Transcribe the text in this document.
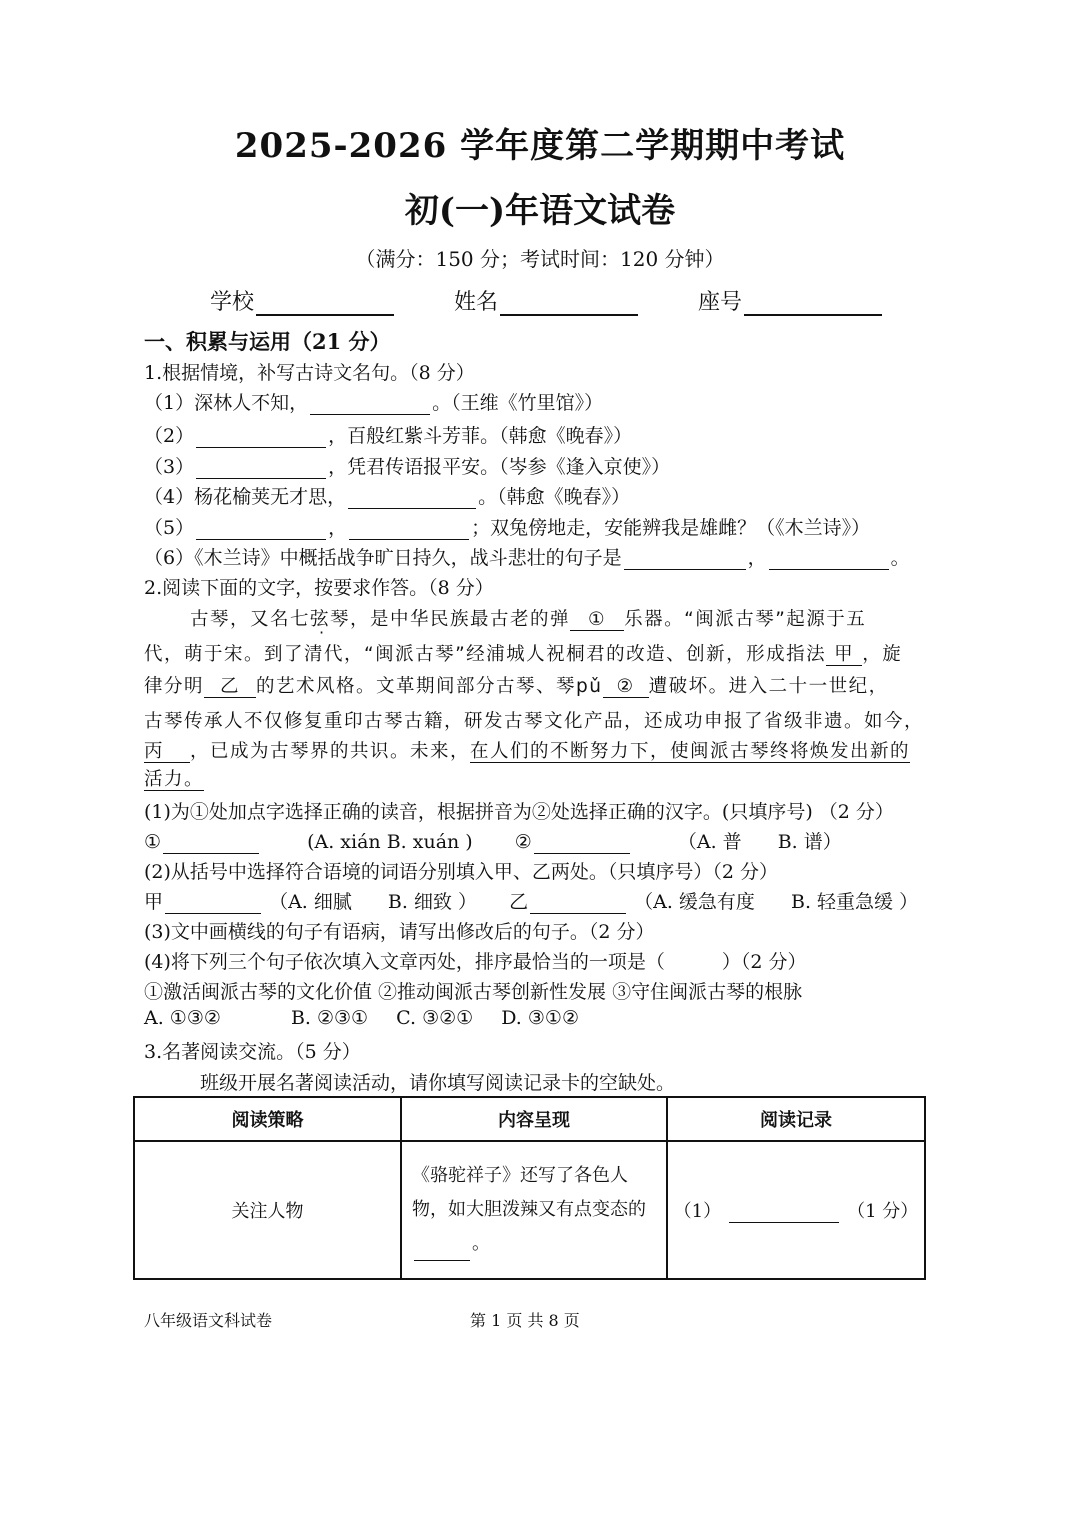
2025-2026 学年度第二学期期中考试
初(一)年语文试卷
（满分：150 分；考试时间：120 分钟）
学校	姓名	座号
一、积累与运用（21 分）
1.根据情境，补写古诗文名句。（8 分）
（1）深林人不知，	。（王维《竹里馆》）
（2）	，百般红紫斗芳菲。（韩愈《晚春》）
（3）	，凭君传语报平安。（岑参《逢入京使》）
（4）杨花榆荚无才思，	。（韩愈《晚春》）
（5）	，	；双兔傍地走，安能辨我是雄雌？（《木兰诗》）
（6）《木兰诗》中概括战争旷日持久，战斗悲壮的句子是	，	。
2.阅读下面的文字，按要求作答。（8 分）
古琴，又名七弦琴，是中华民族最古老的弹 ① 乐器。“闽派古琴”起源于五
代，萌于宋。到了清代，“闽派古琴”经浦城人祝桐君的改造、创新，形成指法 甲 ，旋
律分明 乙 的艺术风格。文革期间部分古琴、琴pǔ ② 遭破坏。进入二十一世纪，
古琴传承人不仅修复重印古琴古籍，研发古琴文化产品，还成功申报了省级非遗。如今，
丙 ，已成为古琴界的共识。未来，在人们的不断努力下，使闽派古琴终将焕发出新的
活力。
(1)为①处加点字选择正确的读音，根据拼音为②处选择正确的汉字。(只填序号) （2 分）
①	(A. xián B. xuán ) ②	（A. 普 B. 谱）
(2)从括号中选择符合语境的词语分别填入甲、乙两处。（只填序号）（2 分）
甲	（A. 细腻 B. 细致 ） 乙	（A. 缓急有度 B. 轻重急缓 ）
(3)文中画横线的句子有语病，请写出修改后的句子。（2 分）
(4)将下列三个句子依次填入文章丙处，排序最恰当的一项是（　　　）（2 分）
①激活闽派古琴的文化价值 ②推动闽派古琴创新性发展 ③守住闽派古琴的根脉
A. ①③②	B. ②③① C. ③②① D. ③①②
3.名著阅读交流。（5 分）
班级开展名著阅读活动，请你填写阅读记录卡的空缺处。
阅读策略	内容呈现	阅读记录
关注人物	《骆驼祥子》还写了各色人物，如大胆泼辣又有点变态的。	（1） （1 分）
八年级语文科试卷	第 1 页 共 8 页
